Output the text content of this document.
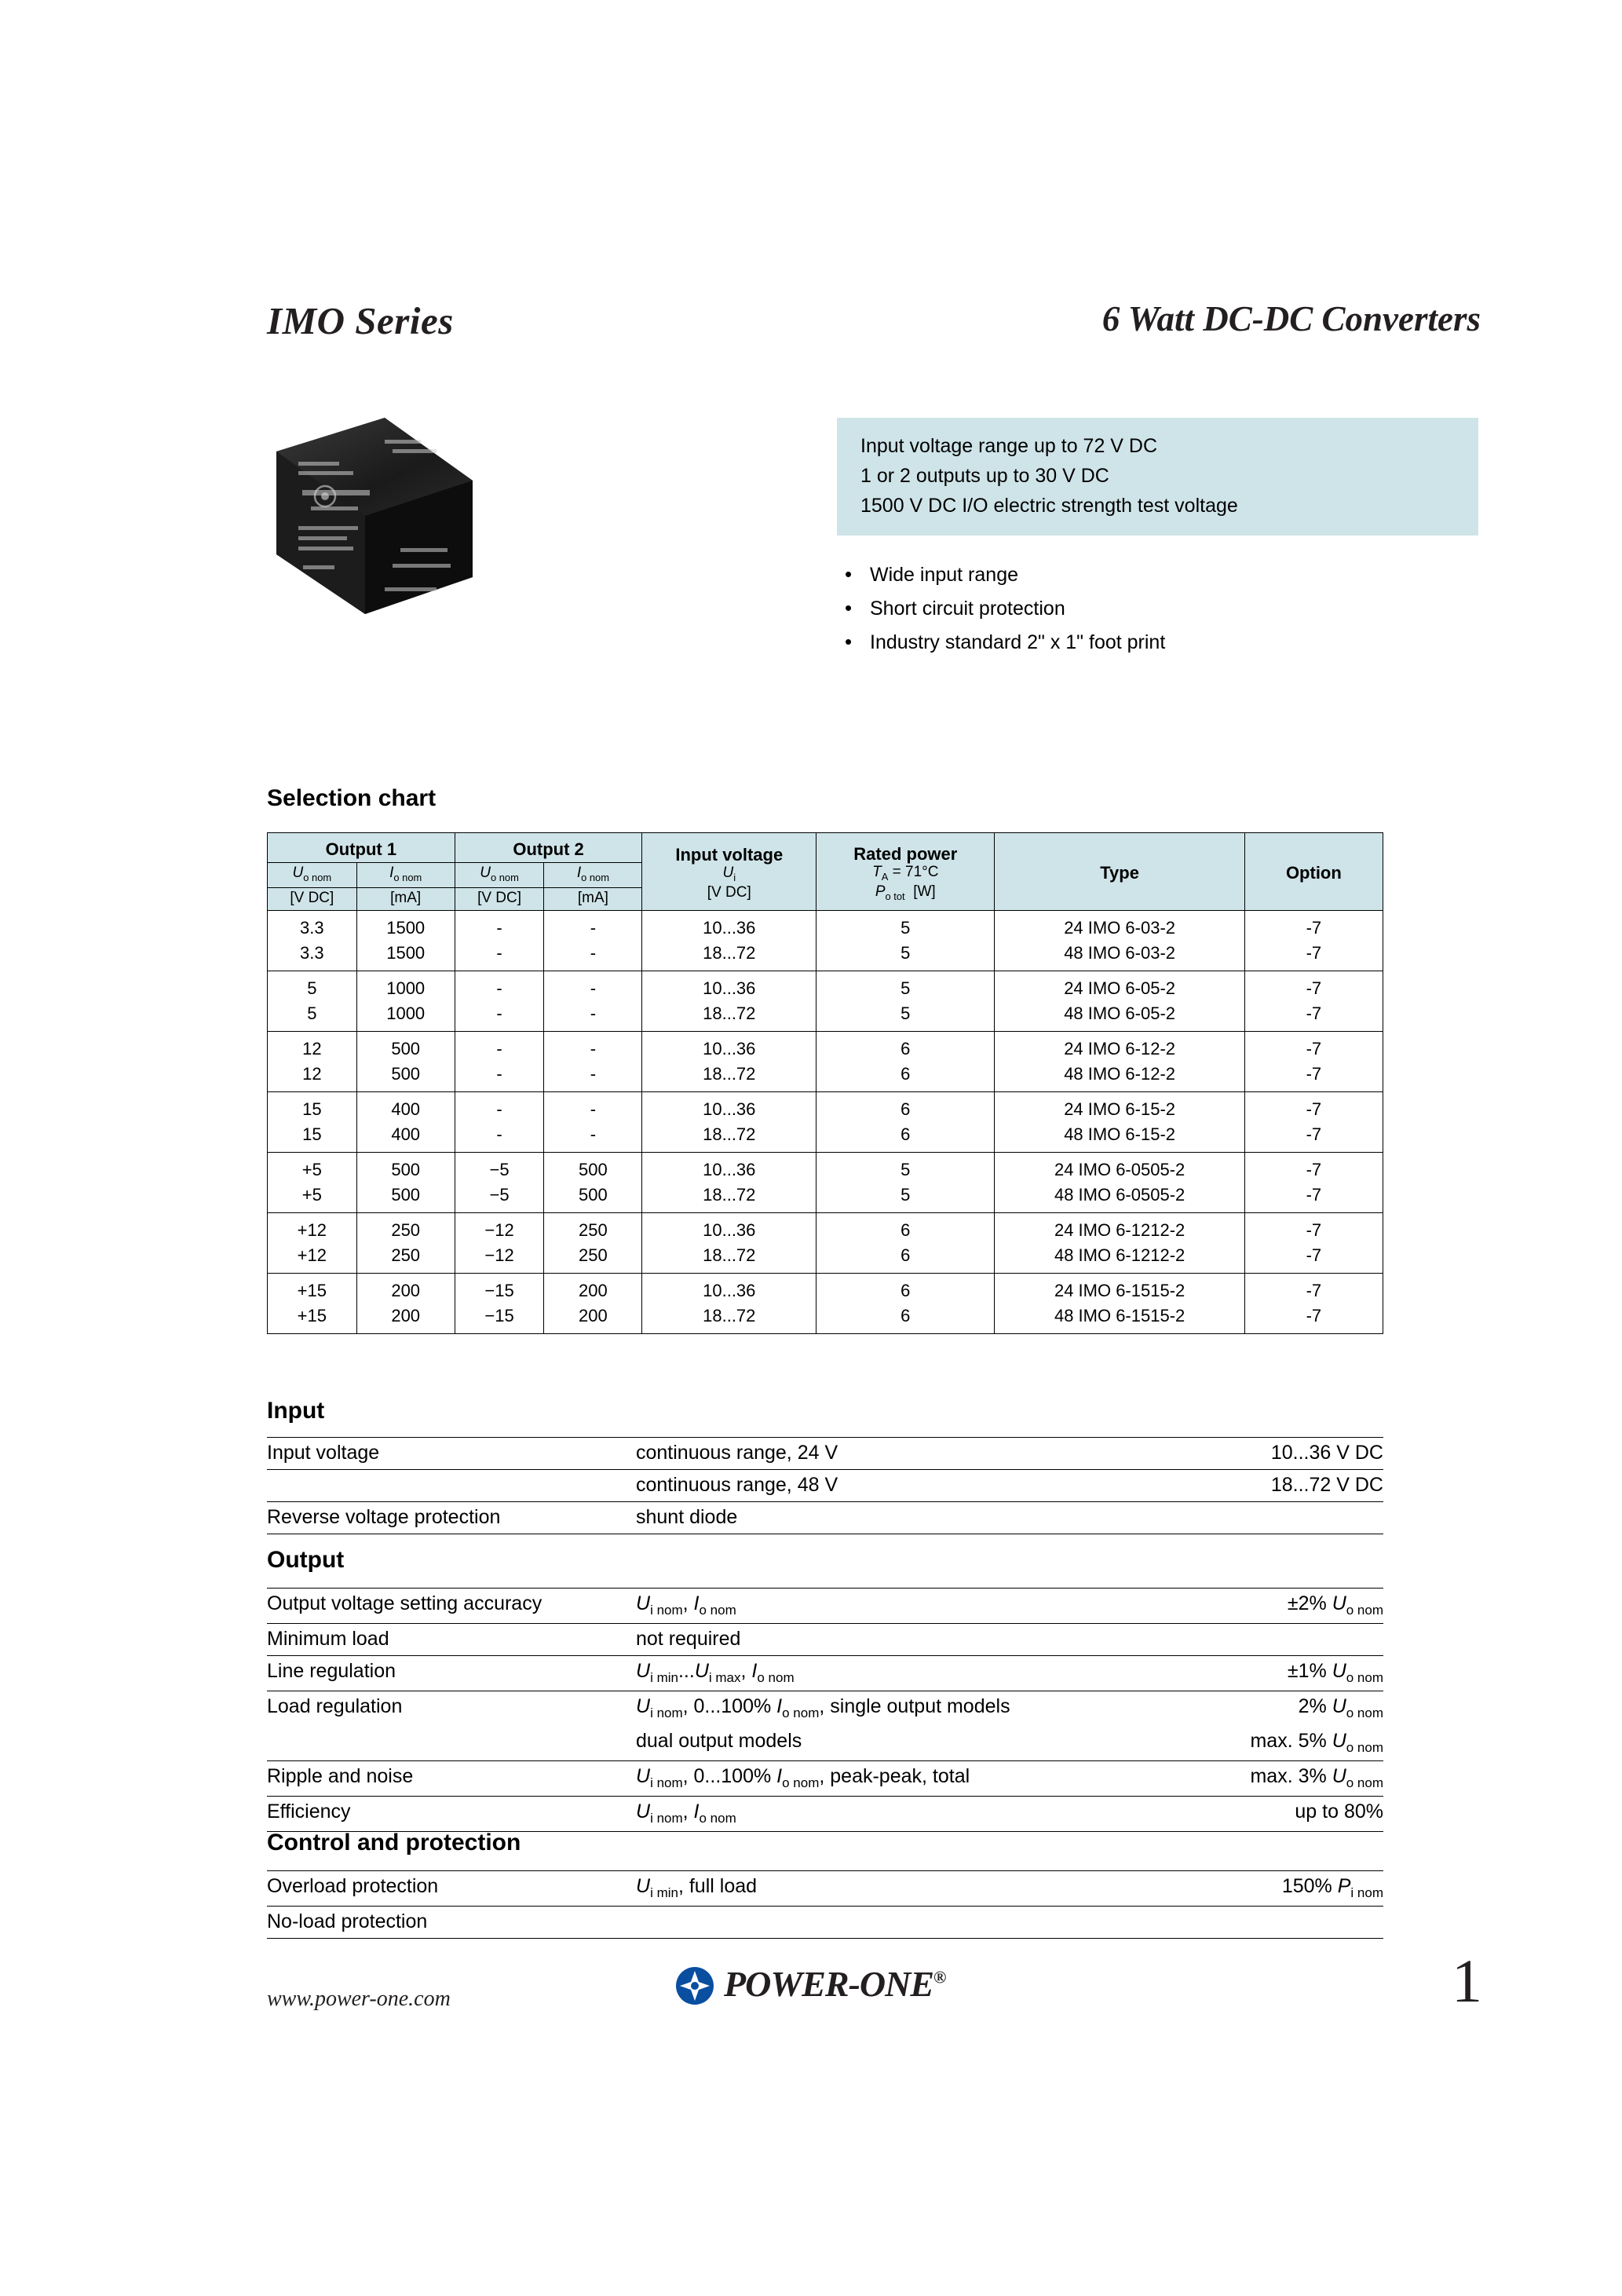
IMO Series	6 Watt DC-DC Converters
Input voltage range up to 72 V DC
1 or 2 outputs up to 30 V DC
1500 V DC I/O electric strength test voltage
• Wide input range
• Short circuit protection
• Industry standard 2" x 1" foot print
Selection chart
Output 1	Output 2	Input voltage
$U_i$
[V DC]

Rated power
$T_A = 71^\circ C$
$P_{o tot}$  [W]
	Type	Option
$U_{o nom}$	$I_{o nom}$	$U_{o nom}$	$I_{o nom}$
[V DC]	[mA]	[V DC]	[mA]				
3.3	1500	-	-	10...36	5	24 IMO 6-03-2	-7
3.3	1500	-	-	18...72	5	48 IMO 6-03-2	-7
5	1000	-	-	10...36	5	24 IMO 6-05-2	-7
5	1000	-	-	18...72	5	48 IMO 6-05-2	-7
12	500	-	-	10...36	6	24 IMO 6-12-2	-7
12	500	-	-	18...72	6	48 IMO 6-12-2	-7
15	400	-	-	10...36	6	24 IMO 6-15-2	-7
15	400	-	-	18...72	6	48 IMO 6-15-2	-7
+5	500	−5	500	10...36	5	24 IMO 6-0505-2	-7
+5	500	−5	500	18...72	5	48 IMO 6-0505-2	-7
+12	250	−12	250	10...36	6	24 IMO 6-1212-2	-7
+12	250	−12	250	18...72	6	48 IMO 6-1212-2	-7
+15	200	−15	200	10...36	6	24 IMO 6-1515-2	-7
+15	200	−15	200	18...72	6	48 IMO 6-1515-2	-7
Input
Input voltage	continuous range, 24 V	10...36 V DC
	continuous range, 48 V	18...72 V DC
Reverse voltage protection	shunt diode	
Output
Output voltage setting accuracy	$U_{i nom}$, $I_{o nom}$	±2% $U_{o nom}$
Minimum load	not required	
Line regulation	$U_{i min}...U_{i max}$, $I_{o nom}$	±1% $U_{o nom}$
Load regulation	$U_{i nom}$, 0...100% $I_{o nom}$, single output models	2% $U_{o nom}$
	dual output models	max. 5% $U_{o nom}$
Ripple and noise	$U_{i nom}$, 0...100% $I_{o nom}$, peak-peak, total	max. 3% $U_{o nom}$
Efficiency	$U_{i nom}$, $I_{o nom}$	up to 80%
Control and protection
Overload protection	$U_{i min}$, full load	150% $P_{i nom}$
No-load protection		
www.power-one.com	POWER-ONE®	1
